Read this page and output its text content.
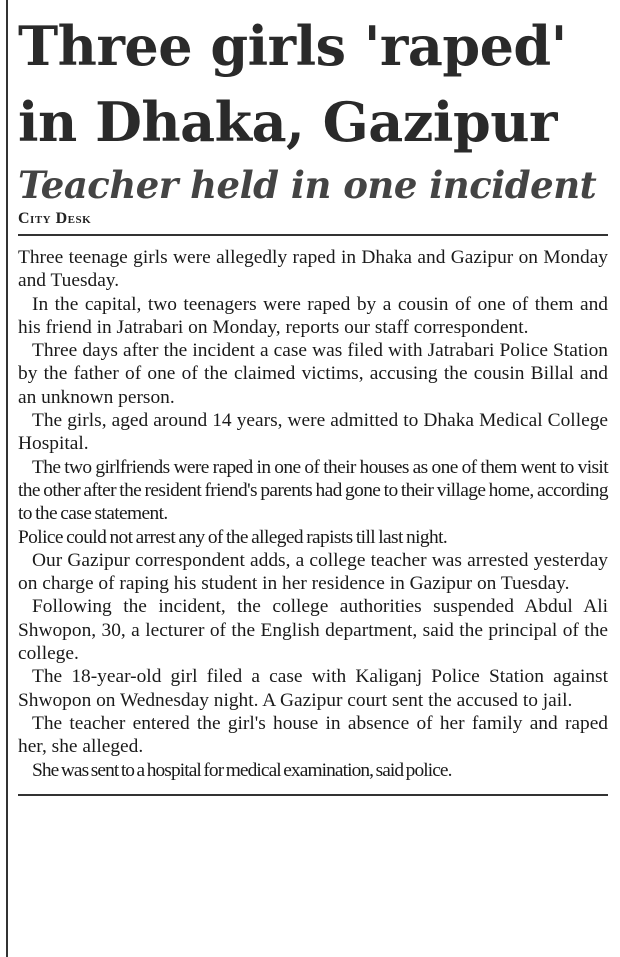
Three girls 'raped'
in Dhaka, Gazipur
Teacher held in one incident
City Desk

Three teenage girls were allegedly raped in Dhaka and Gazipur on Monday and Tuesday.

In the capital, two teenagers were raped by a cousin of one of them and his friend in Jatrabari on Monday, reports our staff correspondent.

Three days after the incident a case was filed with Jatrabari Police Station by the father of one of the claimed victims, accusing the cousin Billal and an unknown person.

The girls, aged around 14 years, were admitted to Dhaka Medical College Hospital.

The two girlfriends were raped in one of their houses as one of them went to visit the other after the resident friend's parents had gone to their village home, according to the case statement.

Police could not arrest any of the alleged rapists till last night.

Our Gazipur correspondent adds, a college teacher was arrested yesterday on charge of raping his student in her residence in Gazipur on Tuesday.

Following the incident, the college authorities suspended Abdul Ali Shwopon, 30, a lecturer of the English department, said the principal of the college.

The 18-year-old girl filed a case with Kaliganj Police Station against Shwopon on Wednesday night. A Gazipur court sent the accused to jail.

The teacher entered the girl's house in absence of her family and raped her, she alleged.

She was sent to a hospital for medical examination, said police.
